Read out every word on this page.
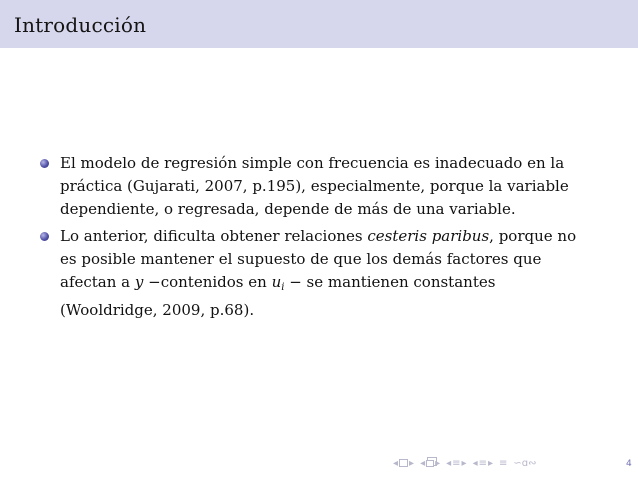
Introducción
El modelo de regresión simple con frecuencia es inadecuado en la
práctica (Gujarati, 2007, p.195), especialmente, porque la variable
dependiente, o regresada, depende de más de una variable.
Lo anterior, dificulta obtener relaciones cesteris paribus, porque no
es posible mantener el supuesto de que los demás factores que
afectan a y −contenidos en $u_i$ − se mantienen constantes
(Wooldridge, 2009, p.68).
◂ ▸ ◂ ▸ ◂ ≡ ▸ ◂ ≡ ▸ ≡ ∽ɑ∾	4
